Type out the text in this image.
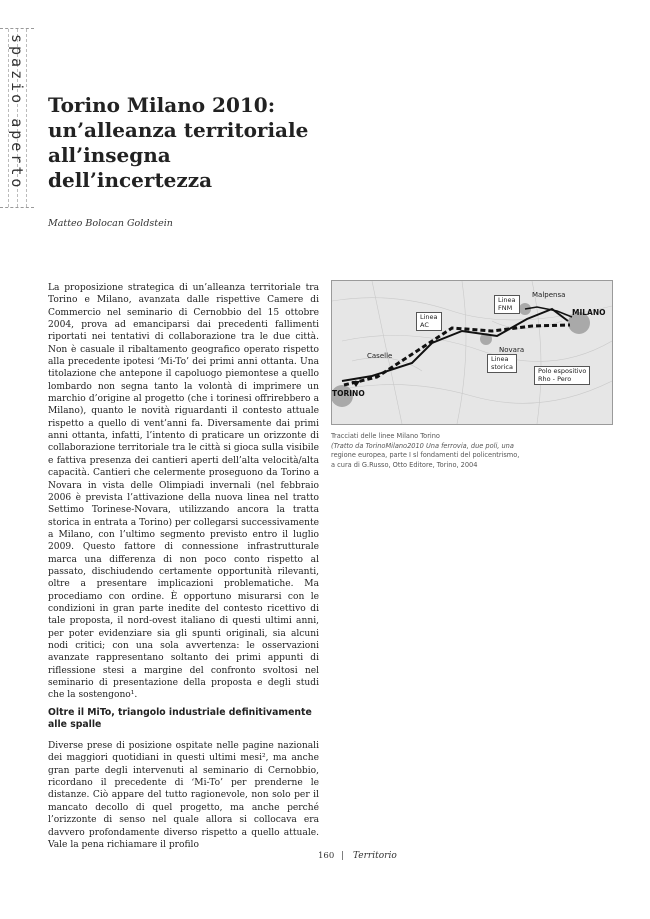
spazio aperto Torino Milano 2010:
un’alleanza territoriale
all’insegna
dell’incertezza
Matteo Bolocan Goldstein

La proposizione strategica di un’alleanza territoriale tra Torino e Milano, avanzata dalle rispettive Camere di Commercio nel seminario di Cernobbio del 15 ottobre 2004, prova ad emanciparsi dai precedenti fallimenti riportati nei tentativi di collaborazione tra le due città. Non è casuale il ribaltamento geografico operato rispetto alla precedente ipotesi ‘Mi-To’ dei primi anni ottanta. Una titolazione che antepone il capoluogo piemontese a quello lombardo non segna tanto la volontà di imprimere un marchio d’origine al progetto (che i torinesi offrirebbero a Milano), quanto le novità riguardanti il contesto attuale rispetto a quello di vent’anni fa. Diversamente dai primi anni ottanta, infatti, l’intento di praticare un orizzonte di collaborazione territoriale tra le città si gioca sulla visibile e fattiva presenza dei cantieri aperti dell’alta velocità/alta capacità. Cantieri che celermente proseguono da Torino a Novara in vista delle Olimpiadi invernali (nel febbraio 2006 è prevista l’attivazione della nuova linea nel tratto Settimo Torinese-Novara, utilizzando ancora la tratta storica in entrata a Torino) per collegarsi successivamente a Milano, con l’ultimo segmento previsto entro il luglio 2009. Questo fattore di connessione infrastrutturale marca una differenza di non poco conto rispetto al passato, dischiudendo certamente opportunità rilevanti, oltre a presentare implicazioni problematiche. Ma procediamo con ordine. È opportuno misurarsi con le condizioni in gran parte inedite del contesto ricettivo di tale proposta, il nord-ovest italiano di questi ultimi anni, per poter evidenziare sia gli spunti originali, sia alcuni nodi critici; con una sola avvertenza: le osservazioni avanzate rappresentano soltanto dei primi appunti di riflessione stesi a margine del confronto svoltosi nel seminario di presentazione della proposta e degli studi che la sostengono¹.

Oltre il MiTo, triangolo industriale definitivamente alle spalle

Diverse prese di posizione ospitate nelle pagine nazionali dei maggiori quotidiani in questi ultimi mesi², ma anche gran parte degli intervenuti al seminario di Cernobbio, ricordano il precedente di ‘Mi-To’ per prenderne le distanze. Ciò appare del tutto ragionevole, non solo per il mancato decollo di quel progetto, ma anche perché l’orizzonte di senso nel quale allora si collocava era davvero profondamente diverso rispetto a quello attuale. Vale la pena richiamare il profilo

TORINO
MILANO
Malpensa
Novara
Caselle
Linea
FNM
Linea
AC
Linea
storica
Polo espositivo
Rho - Pero
Tracciati delle linee Milano Torino
(Tratto da TorinoMilano2010 Una ferrovia, due poli, una
regione europea, parte I sl fondamenti del policentrismo,
a cura di G.Russo, Otto Editore, Torino, 2004
160 | Territorio
